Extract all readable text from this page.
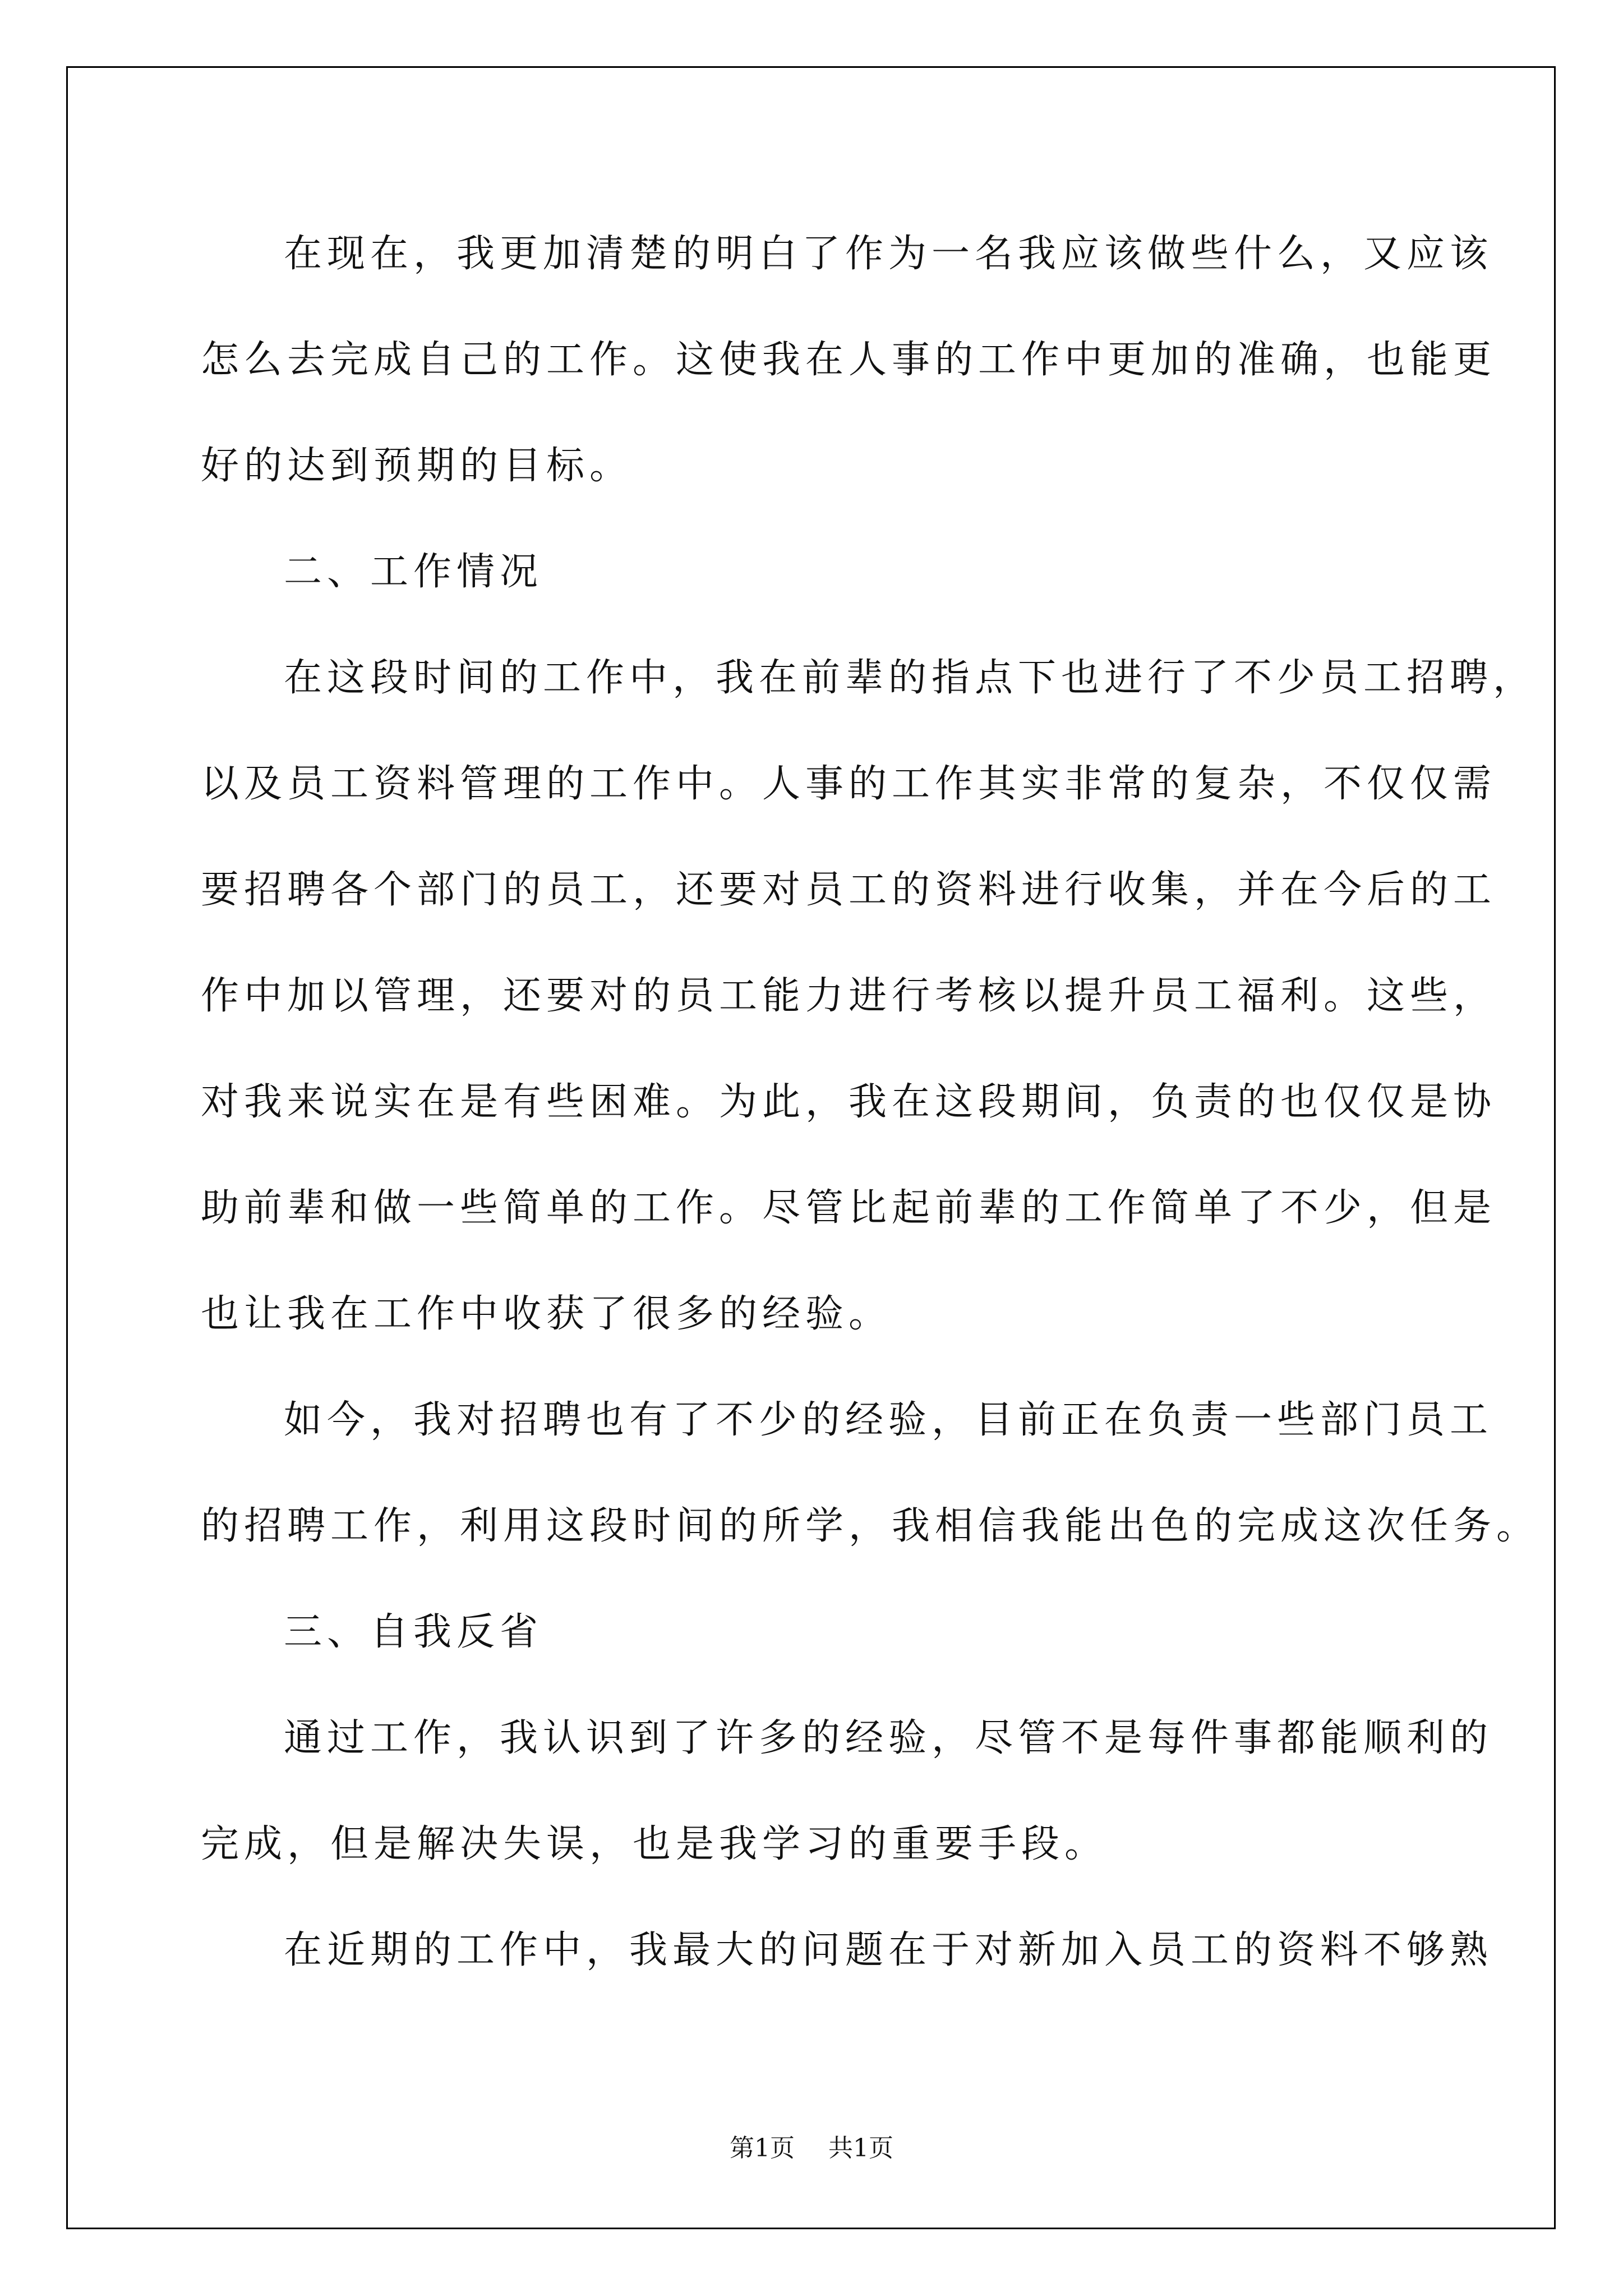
在现在，我更加清楚的明白了作为一名我应该做些什么，又应该
怎么去完成自己的工作。这使我在人事的工作中更加的准确，也能更
好的达到预期的目标。
二、工作情况
在这段时间的工作中，我在前辈的指点下也进行了不少员工招聘，
以及员工资料管理的工作中。人事的工作其实非常的复杂，不仅仅需
要招聘各个部门的员工，还要对员工的资料进行收集，并在今后的工
作中加以管理，还要对的员工能力进行考核以提升员工福利。这些，
对我来说实在是有些困难。为此，我在这段期间，负责的也仅仅是协
助前辈和做一些简单的工作。尽管比起前辈的工作简单了不少，但是
也让我在工作中收获了很多的经验。
如今，我对招聘也有了不少的经验，目前正在负责一些部门员工
的招聘工作，利用这段时间的所学，我相信我能出色的完成这次任务。
三、自我反省
通过工作，我认识到了许多的经验，尽管不是每件事都能顺利的
完成，但是解决失误，也是我学习的重要手段。
在近期的工作中，我最大的问题在于对新加入员工的资料不够熟
第1页 共1页
